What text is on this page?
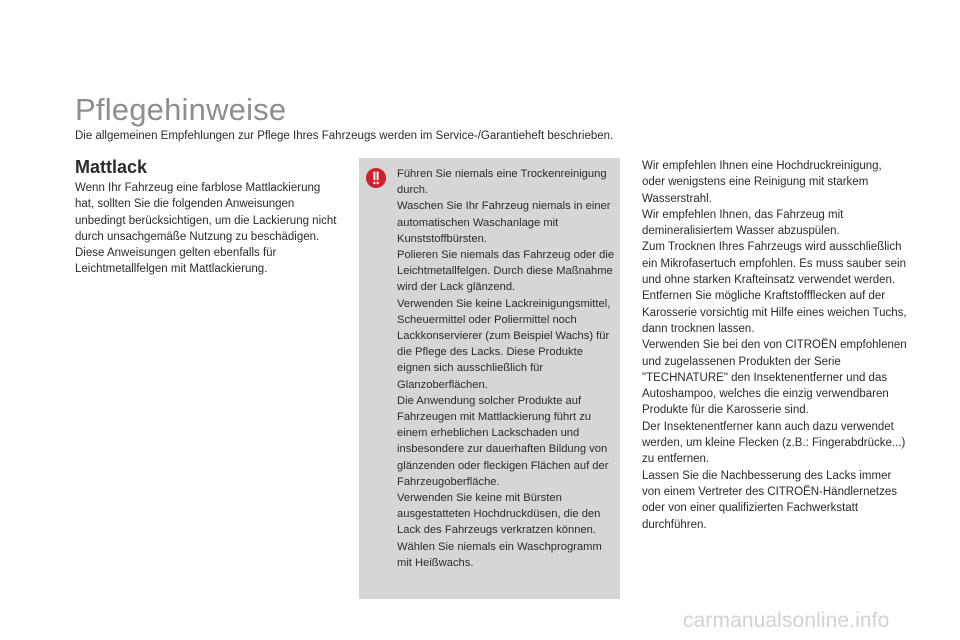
Pflegehinweise

Die allgemeinen Empfehlungen zur Pflege Ihres Fahrzeugs werden im Service-/Garantieheft beschrieben.

Mattlack

Wenn Ihr Fahrzeug eine farblose Mattlackierung hat, sollten Sie die folgenden Anweisungen unbedingt berücksichtigen, um die Lackierung nicht durch unsachgemäße Nutzung zu beschädigen.

Diese Anweisungen gelten ebenfalls für Leichtmetallfelgen mit Mattlackierung.

Führen Sie niemals eine Trockenreinigung durch.

Waschen Sie Ihr Fahrzeug niemals in einer automatischen Waschanlage mit Kunststoffbürsten.

Polieren Sie niemals das Fahrzeug oder die Leichtmetallfelgen. Durch diese Maßnahme wird der Lack glänzend.

Verwenden Sie keine Lackreinigungsmittel, Scheuermittel oder Poliermittel noch Lackkonservierer (zum Beispiel Wachs) für die Pflege des Lacks. Diese Produkte eignen sich ausschließlich für Glanzoberflächen.

Die Anwendung solcher Produkte auf Fahrzeugen mit Mattlackierung führt zu einem erheblichen Lackschaden und insbesondere zur dauerhaften Bildung von glänzenden oder fleckigen Flächen auf der Fahrzeugoberfläche.

Verwenden Sie keine mit Bürsten ausgestatteten Hochdruckdüsen, die den Lack des Fahrzeugs verkratzen können.

Wählen Sie niemals ein Waschprogramm mit Heißwachs.

Wir empfehlen Ihnen eine Hochdruckreinigung, oder wenigstens eine Reinigung mit starkem Wasserstrahl.

Wir empfehlen Ihnen, das Fahrzeug mit demineralisiertem Wasser abzuspülen.

Zum Trocknen Ihres Fahrzeugs wird ausschließlich ein Mikrofasertuch empfohlen. Es muss sauber sein und ohne starken Krafteinsatz verwendet werden.

Entfernen Sie mögliche Kraftstoffflecken auf der Karosserie vorsichtig mit Hilfe eines weichen Tuchs, dann trocknen lassen.

Verwenden Sie bei den von CITROËN empfohlenen und zugelassenen Produkten der Serie "TECHNATURE" den Insektenentferner und das Autoshampoo, welches die einzig verwendbaren Produkte für die Karosserie sind.

Der Insektenentferner kann auch dazu verwendet werden, um kleine Flecken (z.B.: Fingerabdrücke...) zu entfernen.

Lassen Sie die Nachbesserung des Lacks immer von einem Vertreter des CITROËN-Händlernetzes oder von einer qualifizierten Fachwerkstatt durchführen.

carmanualsonline.info
